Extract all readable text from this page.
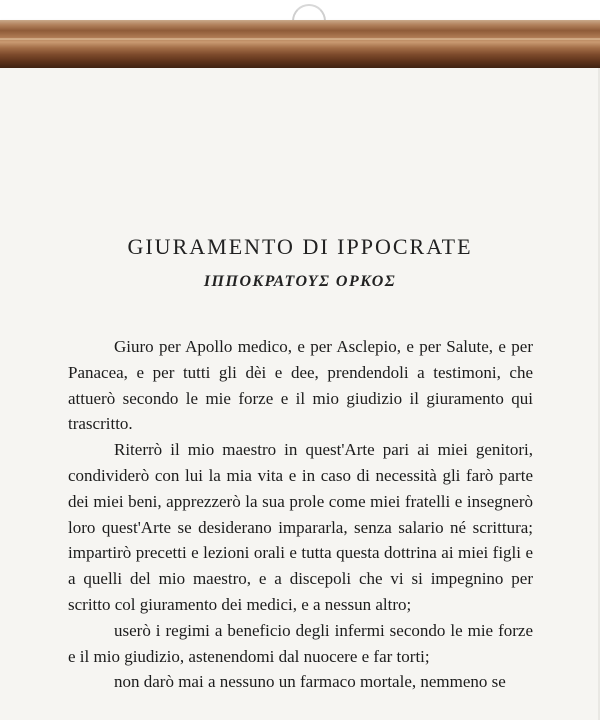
GIURAMENTO DI IPPOCRATE
ΙΠΠΟΚΡΑΤΟΥΣ ΟΡΚΟΣ

Giuro per Apollo medico, e per Asclepio, e per Salute, e per Panacea, e per tutti gli dèi e dee, prendendoli a testimoni, che attuerò secondo le mie forze e il mio giudizio il giuramento qui trascritto.

Riterrò il mio maestro in quest'Arte pari ai miei genitori, condividerò con lui la mia vita e in caso di necessità gli farò parte dei miei beni, apprezzerò la sua prole come miei fratelli e insegnerò loro quest'Arte se desiderano impararla, senza salario né scrittura; impartirò precetti e lezioni orali e tutta questa dottrina ai miei figli e a quelli del mio maestro, e a discepoli che vi si impegnino per scritto col giuramento dei medici, e a nessun altro;

userò i regimi a beneficio degli infermi secondo le mie forze e il mio giudizio, astenendomi dal nuocere e far torti;

non darò mai a nessuno un farmaco mortale, nemmeno se
